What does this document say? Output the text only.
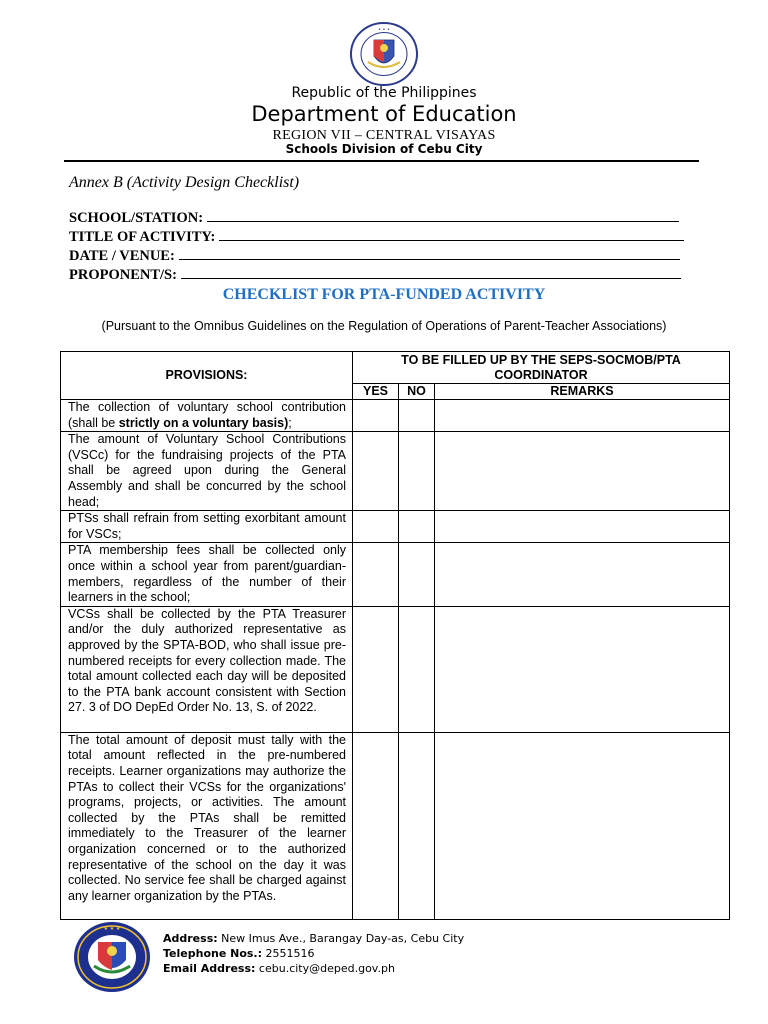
• • •
Republic of the Philippines
Department of Education
REGION VII – CENTRAL VISAYAS
Schools Division of Cebu City
Annex B (Activity Design Checklist)
SCHOOL/STATION:
TITLE OF ACTIVITY:
DATE / VENUE:
PROPONENT/S:
CHECKLIST FOR PTA-FUNDED ACTIVITY
(Pursuant to the Omnibus Guidelines on the Regulation of Operations of Parent-Teacher Associations)
PROVISIONS:	TO BE FILLED UP BY THE SEPS-SOCMOB/PTA COORDINATOR		
	YES	NO	REMARKS
The collection of voluntary school contribution (shall be strictly on a voluntary basis);			
The amount of Voluntary School Contributions (VSCc) for the fundraising projects of the PTA shall be agreed upon during the General Assembly and shall be concurred by the school head;			
PTSs shall refrain from setting exorbitant amount for VSCs;			
PTA membership fees shall be collected only once within a school year from parent/guardian-members, regardless of the number of their learners in the school;			
VCSs shall be collected by the PTA Treasurer and/or the duly authorized representative as approved by the SPTA-BOD, who shall issue pre-numbered receipts for every collection made. The total amount collected each day will be deposited to the PTA bank account consistent with Section 27. 3 of DO DepEd Order No. 13, S. of 2022.			
The total amount of deposit must tally with the total amount reflected in the pre-numbered receipts. Learner organizations may authorize the PTAs to collect their VCSs for the organizations' programs, projects, or activities. The amount collected by the PTAs shall be remitted immediately to the Treasurer of the learner organization concerned or to the authorized representative of the school on the day it was collected. No service fee shall be charged against any learner organization by the PTAs.			
★ ★ ★
Address: New Imus Ave., Barangay Day-as, Cebu City
Telephone Nos.: 2551516
Email Address: cebu.city@deped.gov.ph
